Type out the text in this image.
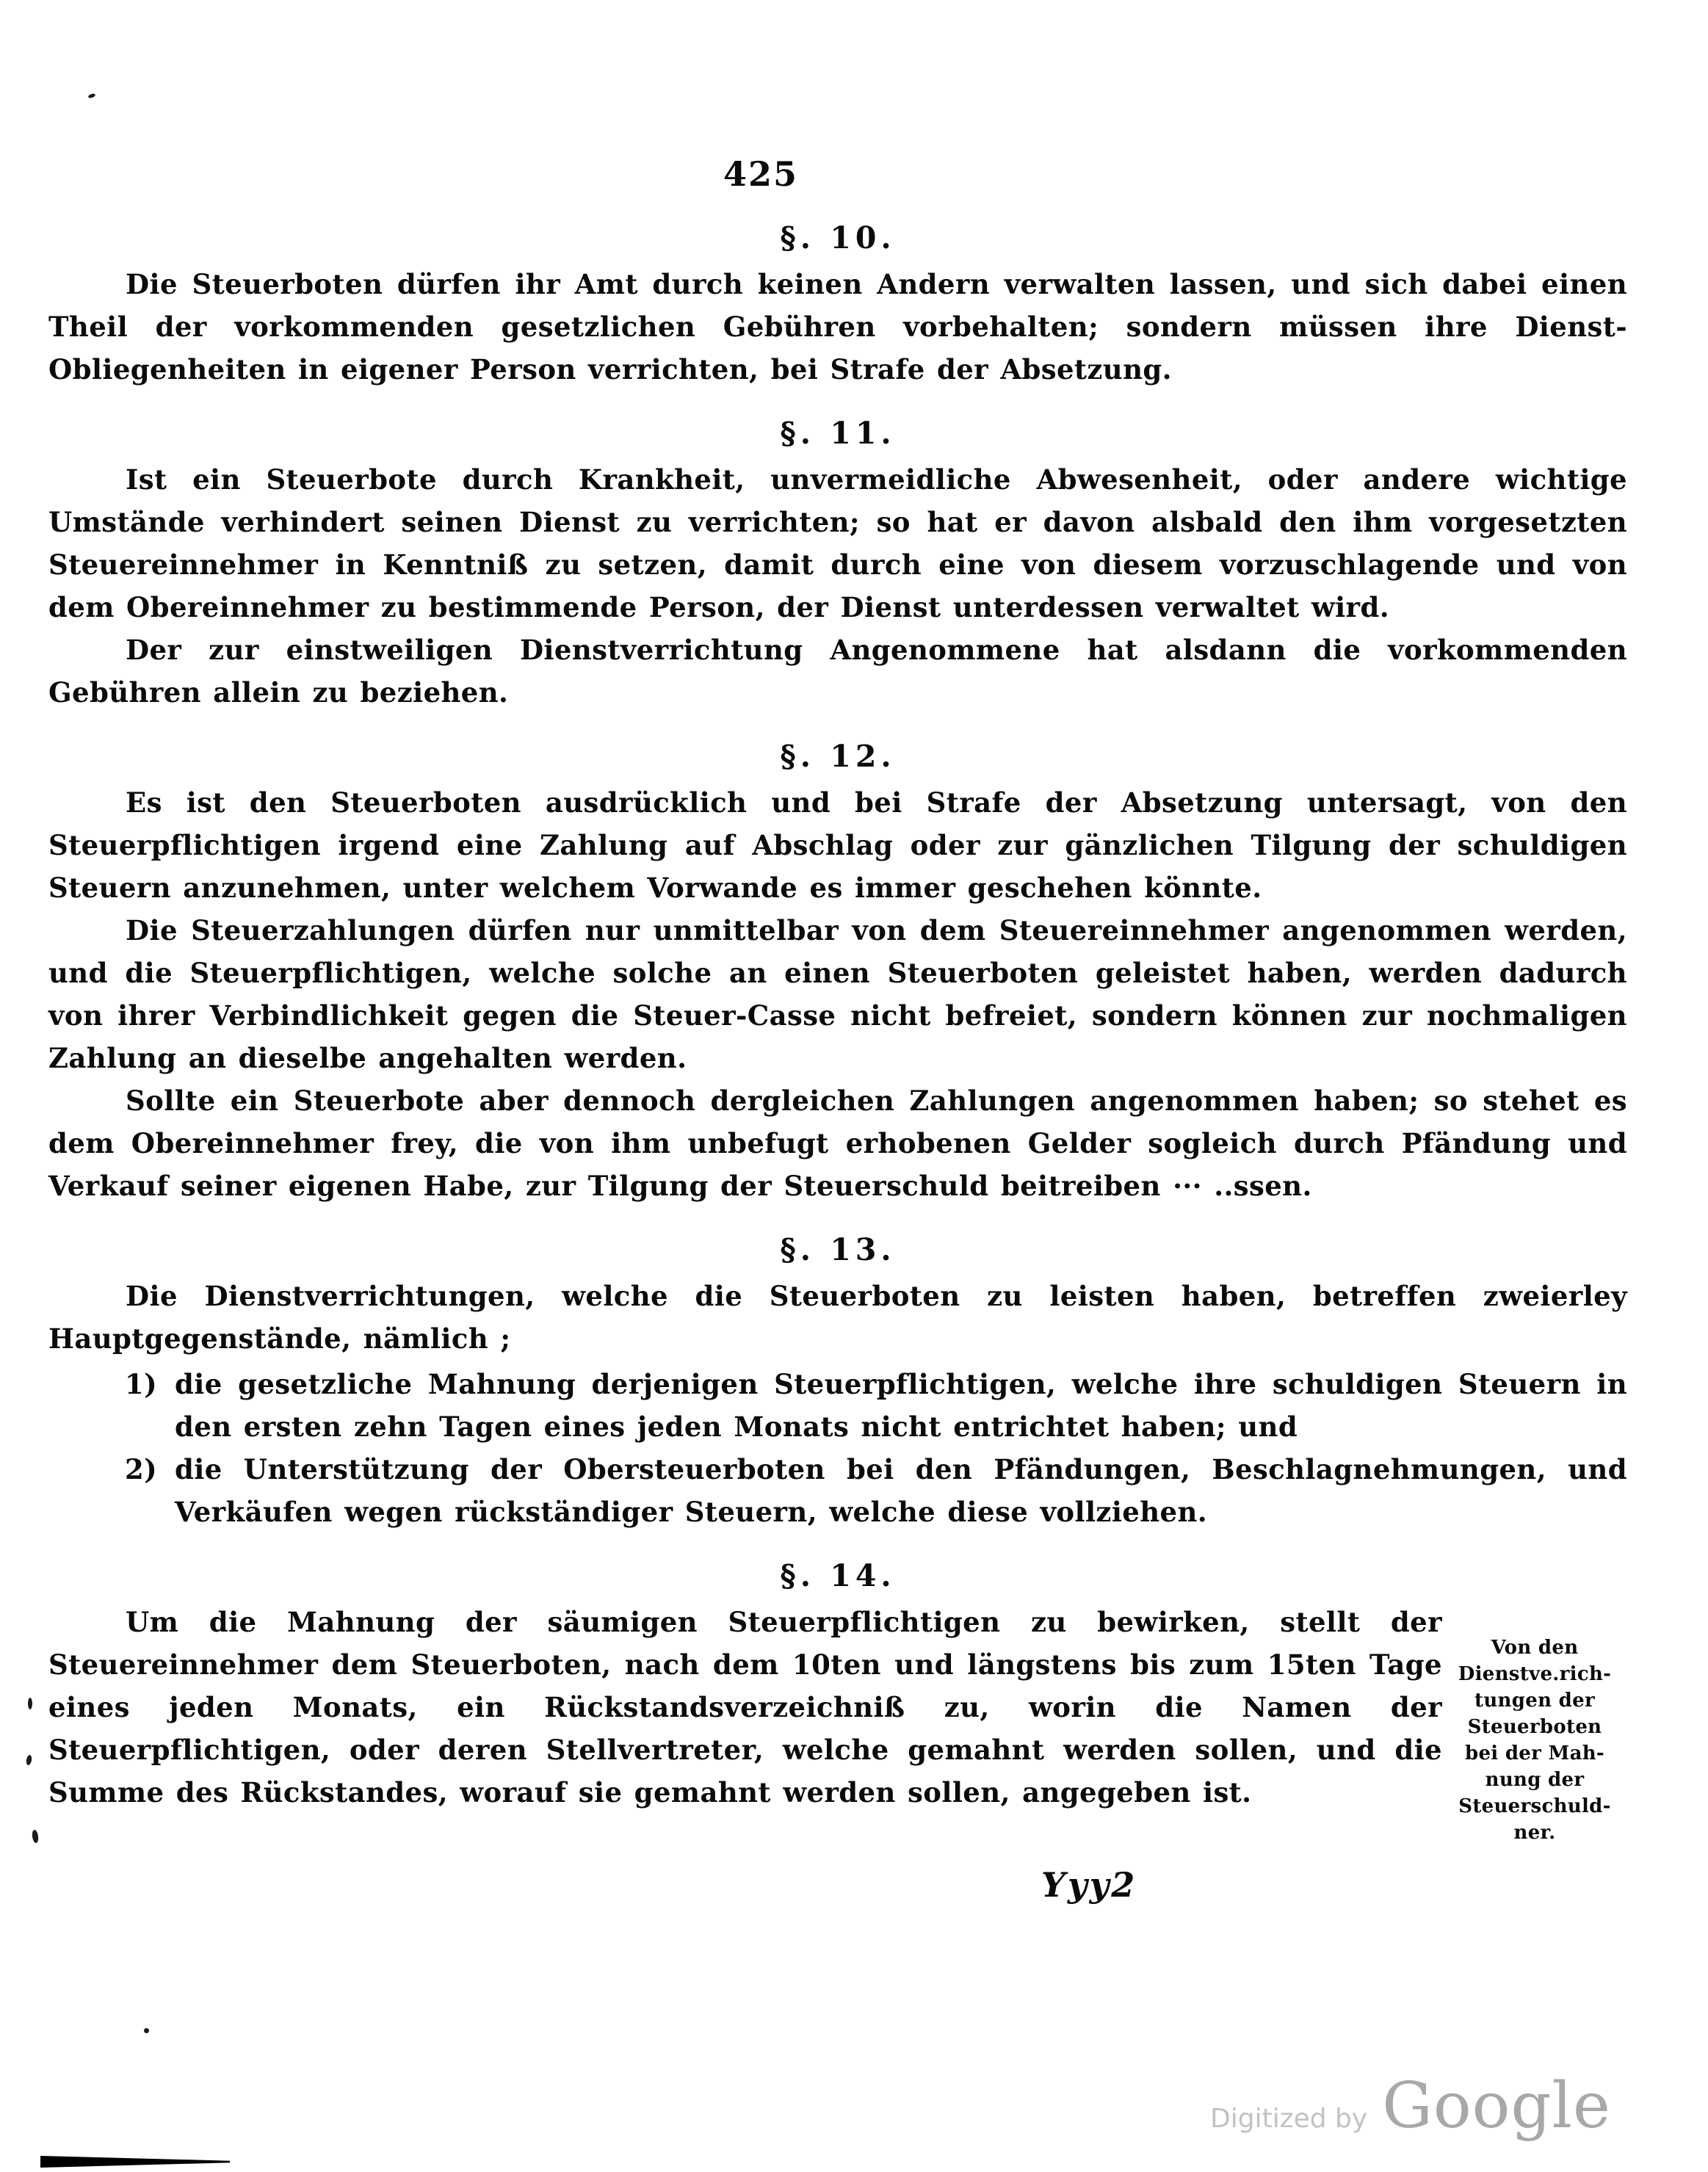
425
§. 10.

Die Steuerboten dürfen ihr Amt durch keinen Andern verwalten lassen, und sich dabei einen Theil der vorkommenden gesetzlichen Gebühren vorbehalten; sondern müssen ihre Dienst-Obliegenheiten in eigener Person verrichten, bei Strafe der Absetzung.

§. 11.

Ist ein Steuerbote durch Krankheit, unvermeidliche Abwesenheit, oder andere wichtige Umstände verhindert seinen Dienst zu verrichten; so hat er davon alsbald den ihm vorgesetzten Steuereinnehmer in Kenntniß zu setzen, damit durch eine von diesem vorzuschlagende und von dem Obereinnehmer zu bestimmende Person, der Dienst unterdessen verwaltet wird.

Der zur einstweiligen Dienstverrichtung Angenommene hat alsdann die vorkommenden Gebühren allein zu beziehen.

§. 12.

Es ist den Steuerboten ausdrücklich und bei Strafe der Absetzung untersagt, von den Steuerpflichtigen irgend eine Zahlung auf Abschlag oder zur gänzlichen Tilgung der schuldigen Steuern anzunehmen, unter welchem Vorwande es immer geschehen könnte.

Die Steuerzahlungen dürfen nur unmittelbar von dem Steuereinnehmer angenommen werden, und die Steuerpflichtigen, welche solche an einen Steuerboten geleistet haben, werden dadurch von ihrer Verbindlichkeit gegen die Steuer-Casse nicht befreiet, sondern können zur nochmaligen Zahlung an dieselbe angehalten werden.

Sollte ein Steuerbote aber dennoch dergleichen Zahlungen angenommen haben; so stehet es dem Obereinnehmer frey, die von ihm unbefugt erhobenen Gelder sogleich durch Pfändung und Verkauf seiner eigenen Habe, zur Tilgung der Steuerschuld beitreiben ··· ..ssen.

§. 13.

Die Dienstverrichtungen, welche die Steuerboten zu leisten haben, betreffen zweierley Hauptgegenstände, nämlich ;

1) die gesetzliche Mahnung derjenigen Steuerpflichtigen, welche ihre schuldigen Steuern in den ersten zehn Tagen eines jeden Monats nicht entrichtet haben; und
2) die Unterstützung der Obersteuerboten bei den Pfändungen, Beschlagnehmungen, und Verkäufen wegen rückständiger Steuern, welche diese vollziehen.
§. 14.

Um die Mahnung der säumigen Steuerpflichtigen zu bewirken, stellt der Steuereinnehmer dem Steuerboten, nach dem 10ten und längstens bis zum 15ten Tage eines jeden Monats, ein Rückstandsverzeichniß zu, worin die Namen der Steuerpflichtigen, oder deren Stellvertreter, welche gemahnt werden sollen, und die Summe des Rückstandes, worauf sie gemahnt werden sollen, angegeben ist.

Von den
Dienstve.rich-
tungen der
Steuerboten
bei der Mah-
nung der
Steuerschuld-
ner.
Yyy2
Digitized by Google
